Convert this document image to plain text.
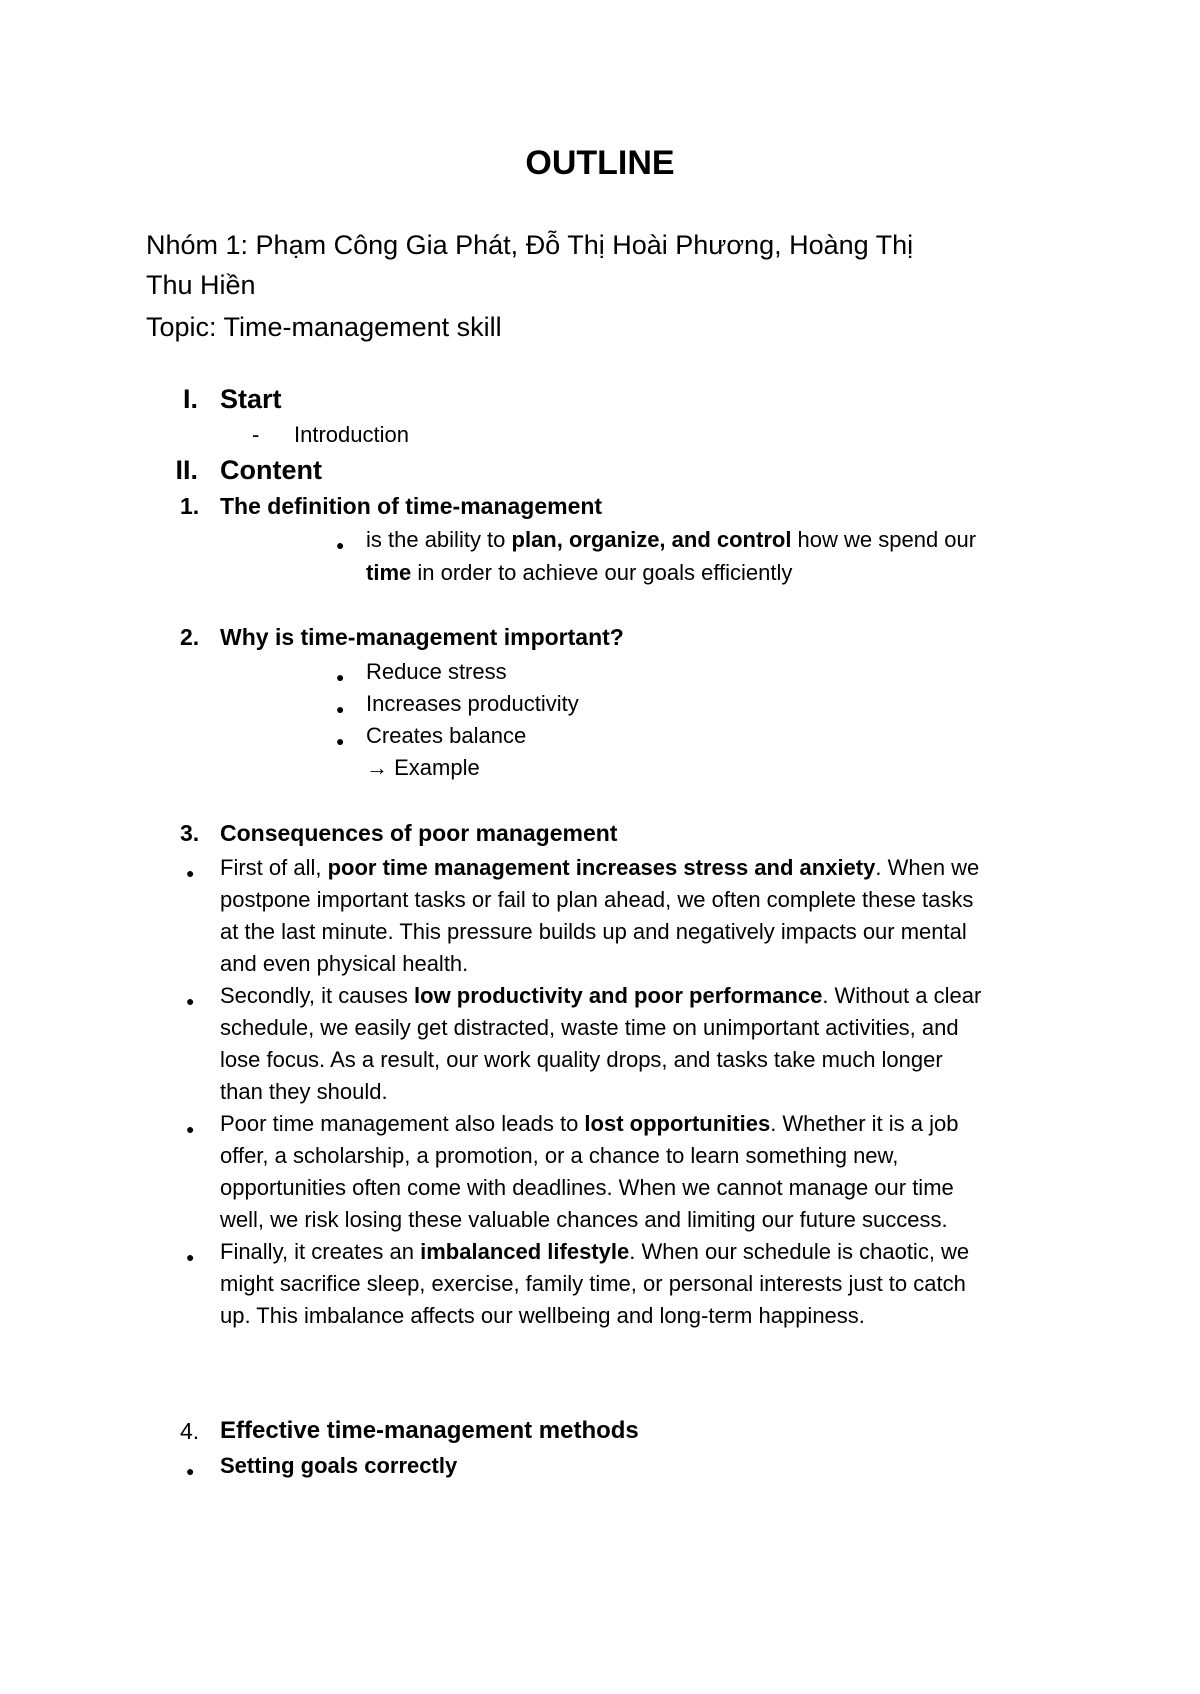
OUTLINE
Nhóm 1: Phạm Công Gia Phát, Đỗ Thị Hoài Phương, Hoàng Thị
Thu Hiền
Topic: Time-management skill
I. Start
- Introduction
II. Content
1. The definition of time-management
● is the ability to plan, organize, and control how we spend our
time in order to achieve our goals efficiently
2. Why is time-management important?
● Reduce stress
● Increases productivity
● Creates balance
→ Example
3. Consequences of poor management
● First of all, poor time management increases stress and anxiety. When we
postpone important tasks or fail to plan ahead, we often complete these tasks
at the last minute. This pressure builds up and negatively impacts our mental
and even physical health.
● Secondly, it causes low productivity and poor performance. Without a clear
schedule, we easily get distracted, waste time on unimportant activities, and
lose focus. As a result, our work quality drops, and tasks take much longer
than they should.
● Poor time management also leads to lost opportunities. Whether it is a job
offer, a scholarship, a promotion, or a chance to learn something new,
opportunities often come with deadlines. When we cannot manage our time
well, we risk losing these valuable chances and limiting our future success.
● Finally, it creates an imbalanced lifestyle. When our schedule is chaotic, we
might sacrifice sleep, exercise, family time, or personal interests just to catch
up. This imbalance affects our wellbeing and long-term happiness.
4. Effective time-management methods
● Setting goals correctly
